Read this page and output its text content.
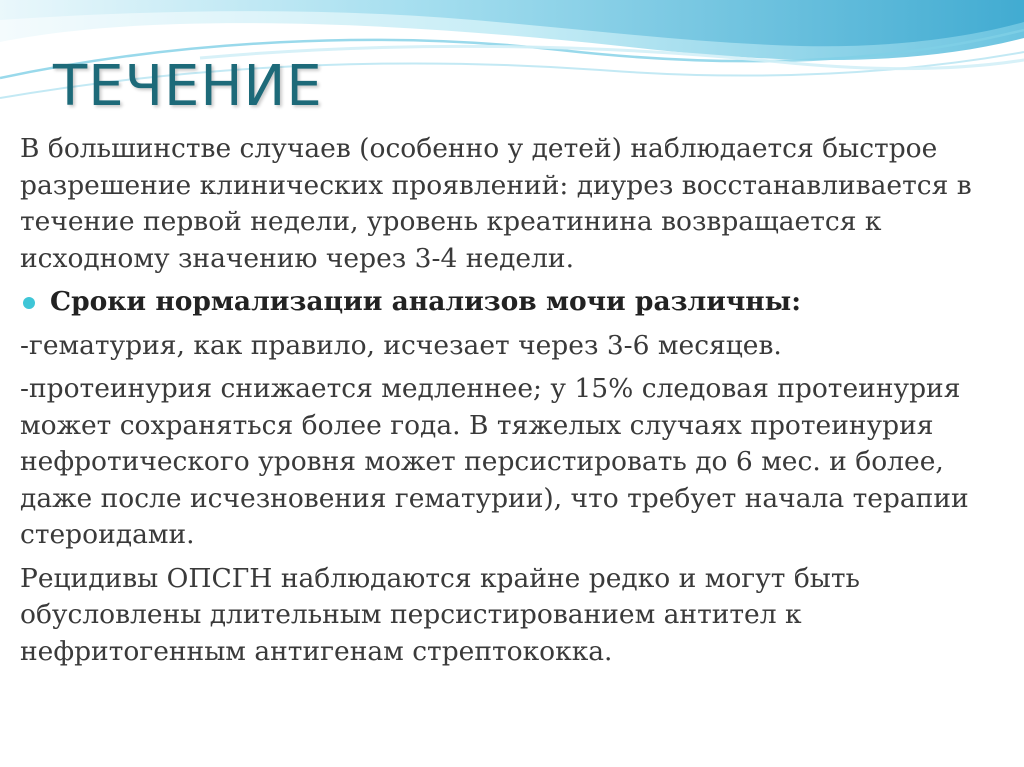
ТЕЧЕНИЕ

В большинстве случаев (особенно у детей) наблюдается быстрое разрешение клинических проявлений: диурез восстанавливается в течение первой недели, уровень креатинина возвращается к исходному значению через 3-4 недели.

Сроки нормализации анализов мочи различны:

-гематурия, как правило, исчезает через 3-6 месяцев.

-протеинурия снижается медленнее; у 15% следовая протеинурия может сохраняться более года. В тяжелых случаях протеинурия нефротического уровня может персистировать до 6 мес. и более, даже после исчезновения гематурии), что требует начала терапии стероидами.

Рецидивы ОПСГН наблюдаются крайне редко и могут быть обусловлены длительным персистированием антител к нефритогенным антигенам стрептококка.
